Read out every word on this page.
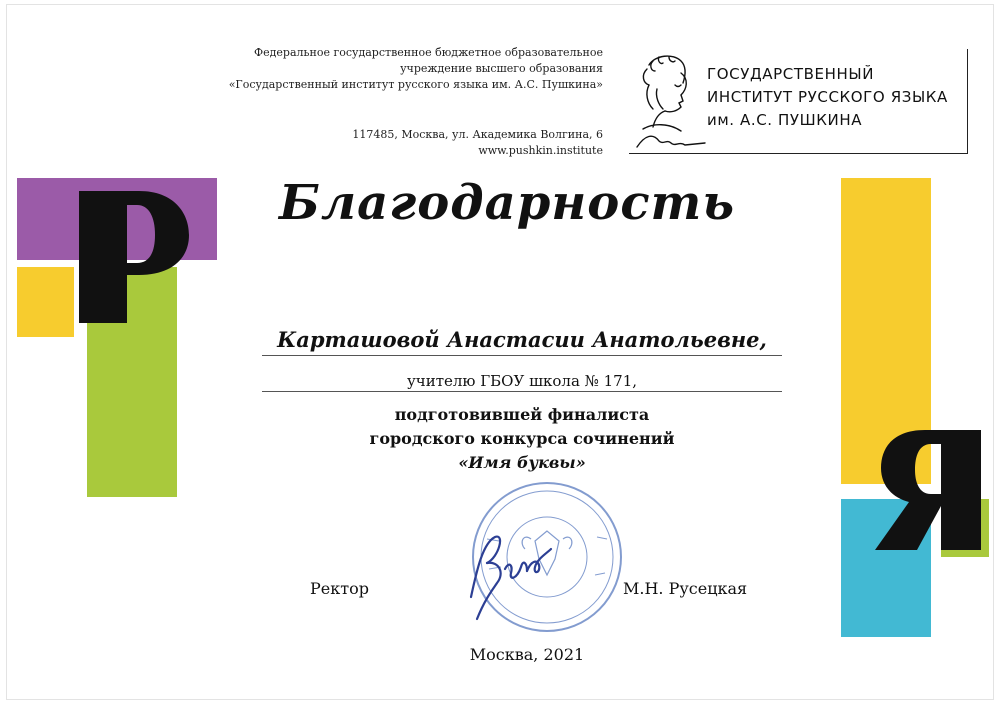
Федеральное государственное бюджетное образовательное
учреждение высшего образования
«Государственный институт русского языка им. А.С. Пушкина»
117485, Москва, ул. Академика Волгина, 6
www.pushkin.institute
ГОСУДАРСТВЕННЫЙ
ИНСТИТУТ РУССКОГО ЯЗЫКА
им. А.С. ПУШКИНА
Благодарность
Карташовой Анастасии Анатольевне,
учителю ГБОУ школа № 171,
подготовившей финалиста
городского конкурса сочинений
«Имя буквы»
Ректор	М.Н. Русецкая
Москва, 2021
